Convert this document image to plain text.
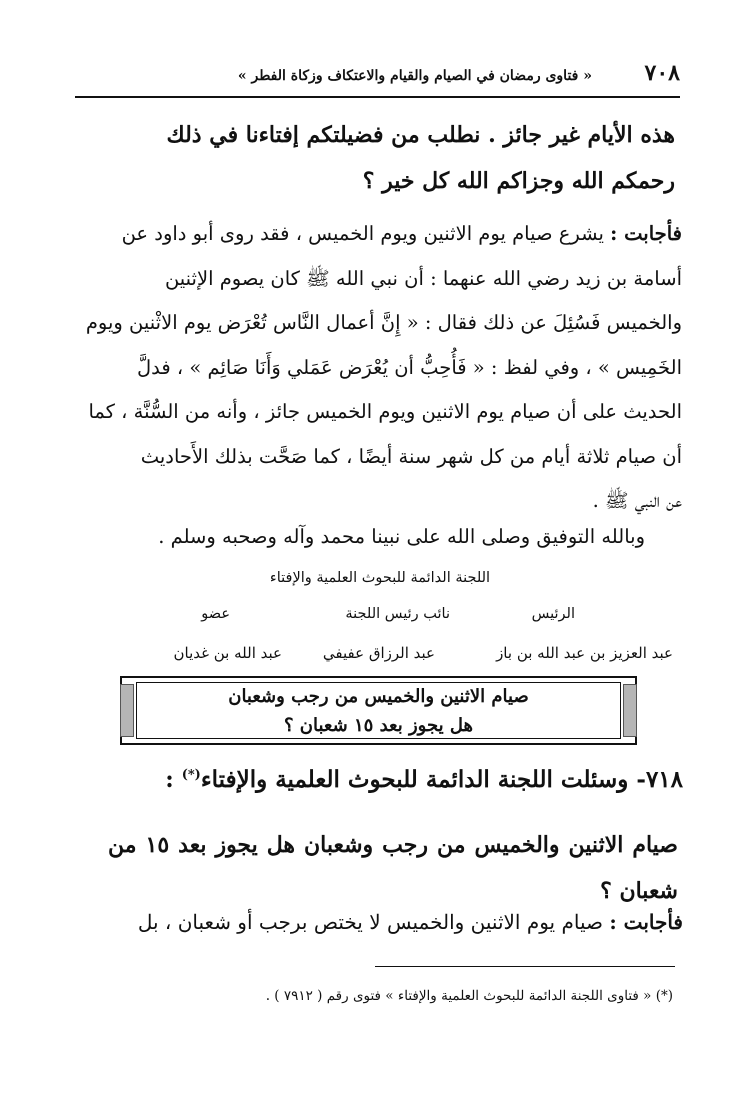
٧٠٨
« فتاوى رمضان في الصيام والقيام والاعتكاف وزكاة الفطر »
هذه الأيام غير جائز . نطلب من فضيلتكم إفتاءنا في ذلك
رحمكم الله وجزاكم الله كل خير ؟
فأجابت : يشرع صيام يوم الاثنين ويوم الخميس ، فقد روى أبو داود عن
أسامة بن زيد رضي الله عنهما : أن نبي الله ﷺ كان يصوم الإثنين
والخميس فَسُئِلَ عن ذلك فقال : « إِنَّ أعمال النَّاس تُعْرَض يوم الاثْنين ويوم
الخَمِيس » ، وفي لفظ : « فَأُحِبُّ أن يُعْرَض عَمَلي وَأَنَا صَائِم » ، فدلَّ
الحديث على أن صيام يوم الاثنين ويوم الخميس جائز ، وأنه من السُّنَّة ، كما
أن صيام ثلاثة أيام من كل شهر سنة أيضًا ، كما صَحَّت بذلك الأَحاديث
عن النبي ﷺ .
وبالله التوفيق وصلى الله على نبينا محمد وآله وصحبه وسلم .
اللجنة الدائمة للبحوث العلمية والإفتاء
الرئيس
نائب رئيس اللجنة
عضو
عبد العزيز بن عبد الله بن باز
عبد الرزاق عفيفي
عبد الله بن غديان
صيام الاثنين والخميس من رجب وشعبان
هل يجوز بعد ١٥ شعبان ؟
٧١٨- وسئلت اللجنة الدائمة للبحوث العلمية والإفتاء(*) :
صيام الاثنين والخميس من رجب وشعبان هل يجوز بعد ١٥ من شعبان ؟
فأجابت : صيام يوم الاثنين والخميس لا يختص برجب أو شعبان ، بل
(*) « فتاوى اللجنة الدائمة للبحوث العلمية والإفتاء » فتوى رقم ( ٧٩١٢ ) .
